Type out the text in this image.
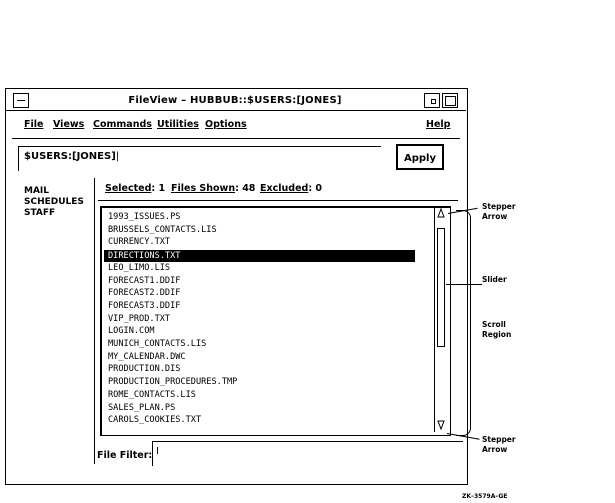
FileView – HUBBUB::$USERS:[JONES]
File Views Commands Utilities Options	Help
$USERS:[JONES]|	Apply
MAIL
SCHEDULES
STAFF
Selected: 1 Files Shown: 48 Excluded: 0
1993_ISSUES.PS
BRUSSELS_CONTACTS.LIS
CURRENCY.TXT
DIRECTIONS.TXT
LEO_LIMO.LIS
FORECAST1.DDIF
FORECAST2.DDIF
FORECAST3.DDIF
VIP_PROD.TXT
LOGIN.COM
MUNICH_CONTACTS.LIS
MY_CALENDAR.DWC
PRODUCTION.DIS
PRODUCTION_PROCEDURES.TMP
ROME_CONTACTS.LIS
SALES_PLAN.PS
CAROLS_COOKIES.TXT
File Filter: I
Stepper
Arrow
Slider
Scroll
Region
Stepper
Arrow
ZK–3579A–GE
